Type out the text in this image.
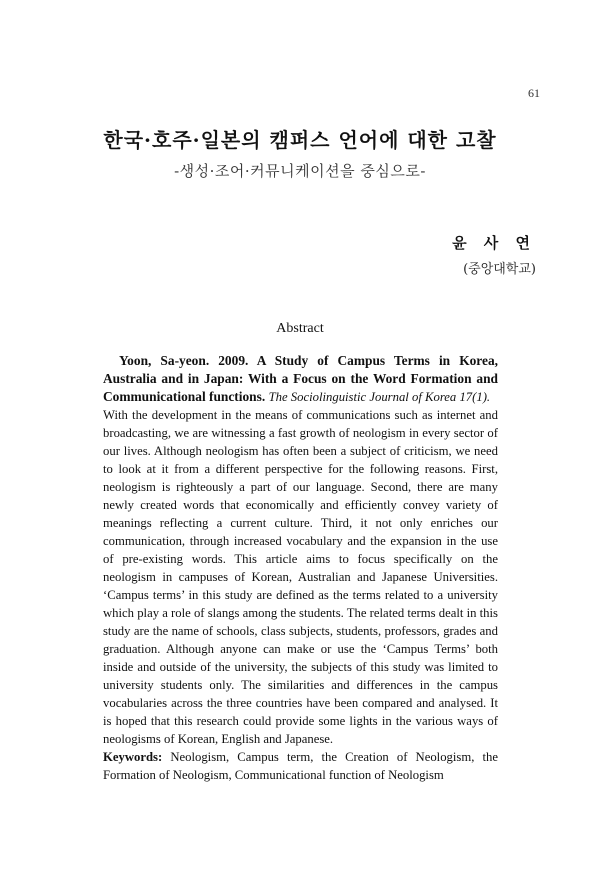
61
한국·호주·일본의 캠퍼스 언어에 대한 고찰
-생성·조어·커뮤니케이션을 중심으로-
윤 사 연
(중앙대학교)
Abstract

Yoon, Sa-yeon. 2009. A Study of Campus Terms in Korea, Australia and in Japan: With a Focus on the Word Formation and Communicational functions. The Sociolinguistic Journal of Korea 17(1).

With the development in the means of communications such as internet and broadcasting, we are witnessing a fast growth of neologism in every sector of our lives. Although neologism has often been a subject of criticism, we need to look at it from a different perspective for the following reasons. First, neologism is righteously a part of our language. Second, there are many newly created words that economically and efficiently convey variety of meanings reflecting a current culture. Third, it not only enriches our communication, through increased vocabulary and the expansion in the use of pre-existing words. This article aims to focus specifically on the neologism in campuses of Korean, Australian and Japanese Universities. ‘Campus terms’ in this study are defined as the terms related to a university which play a role of slangs among the students. The related terms dealt in this study are the name of schools, class subjects, students, professors, grades and graduation. Although anyone can make or use the ‘Campus Terms’ both inside and outside of the university, the subjects of this study was limited to university students only. The similarities and differences in the campus vocabularies across the three countries have been compared and analysed. It is hoped that this research could provide some lights in the various ways of neologisms of Korean, English and Japanese.

Keywords: Neologism, Campus term, the Creation of Neologism, the Formation of Neologism, Communicational function of Neologism
